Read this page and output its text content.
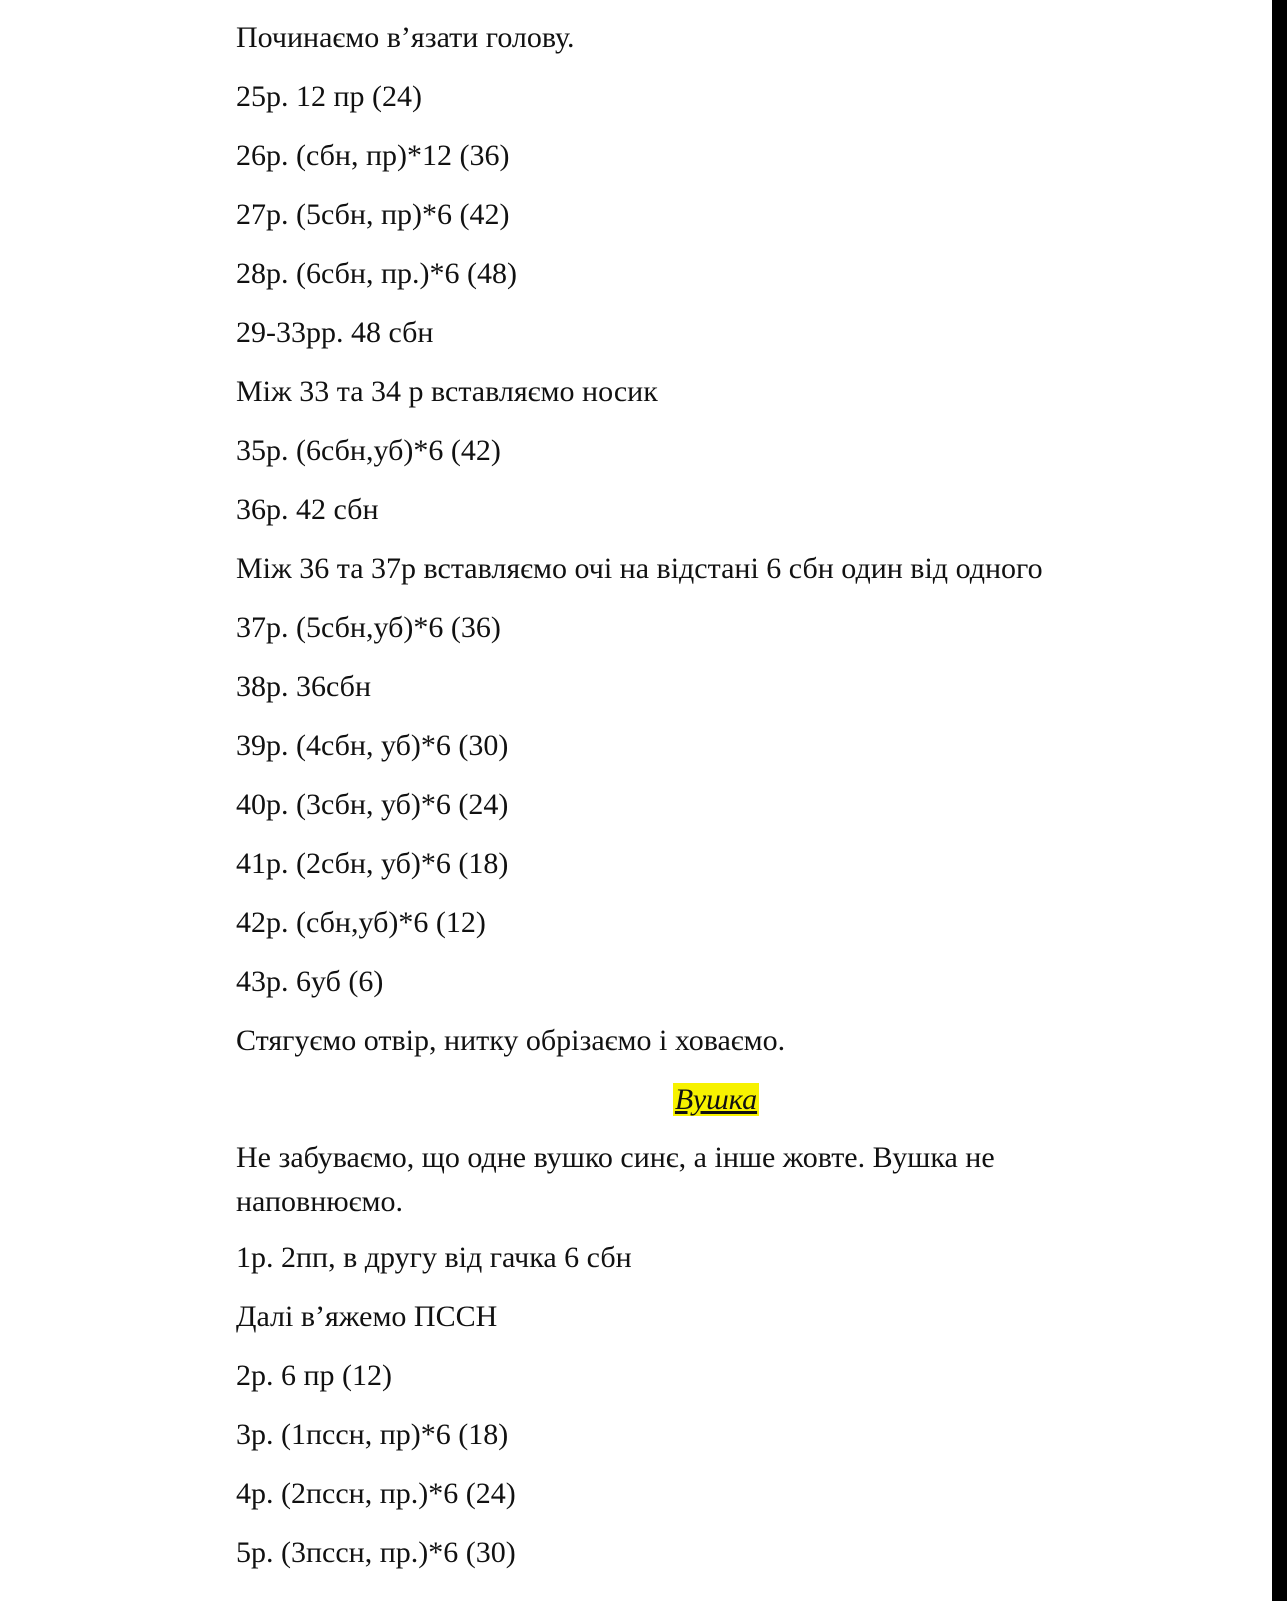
Починаємо в’язати голову.

25р. 12 пр (24)

26р. (сбн, пр)*12 (36)

27р. (5сбн, пр)*6 (42)

28р. (6сбн, пр.)*6 (48)

29-33рр. 48 сбн

Між 33 та 34 р вставляємо носик

35р. (6сбн,уб)*6 (42)

36р. 42 сбн

Між 36 та 37р вставляємо очі на відстані 6 сбн один від одного

37р. (5сбн,уб)*6 (36)

38р. 36сбн

39р. (4сбн, уб)*6 (30)

40р. (3сбн, уб)*6 (24)

41р. (2сбн, уб)*6 (18)

42р. (сбн,уб)*6 (12)

43р. 6уб (6)

Стягуємо отвір, нитку обрізаємо і ховаємо.

Вушка

Не забуваємо, що одне вушко синє, а інше жовте. Вушка не наповнюємо.

1р. 2пп, в другу від гачка 6 сбн

Далі в’яжемо ПССН

2р. 6 пр (12)

3р. (1пссн, пр)*6 (18)

4р. (2пссн, пр.)*6 (24)

5р. (3пссн, пр.)*6 (30)
